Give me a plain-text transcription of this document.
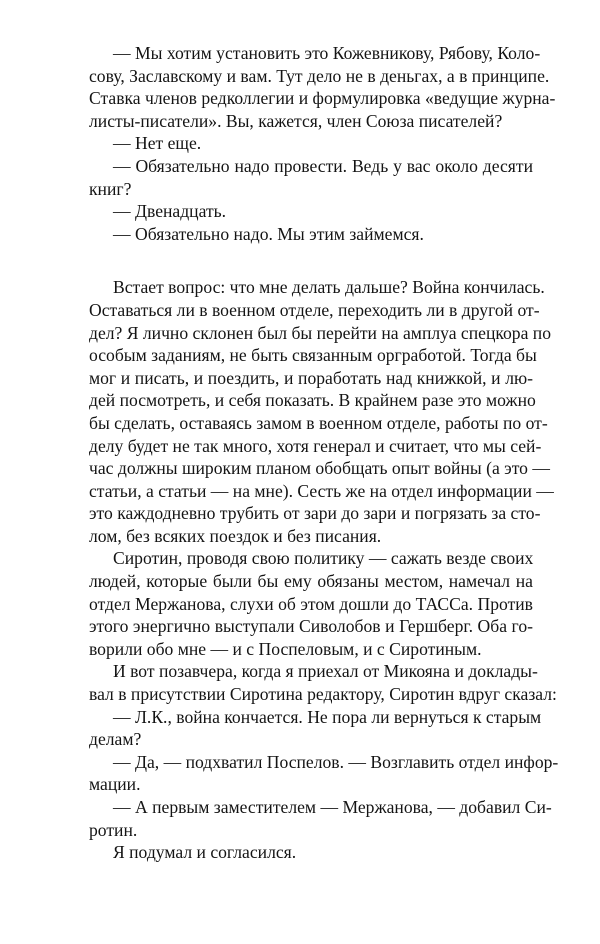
— Мы хотим установить это Кожевникову, Рябову, Коло-
сову, Заславскому и вам. Тут дело не в деньгах, а в принципе.
Ставка членов редколлегии и формулировка «ведущие журна-
листы-писатели». Вы, кажется, член Союза писателей?
— Нет еще.
— Обязательно надо провести. Ведь у вас около десяти
книг?
— Двенадцать.
— Обязательно надо. Мы этим займемся.
Встает вопрос: что мне делать дальше? Война кончилась.
Оставаться ли в военном отделе, переходить ли в другой от-
дел? Я лично склонен был бы перейти на амплуа спецкора по
особым заданиям, не быть связанным оргработой. Тогда бы
мог и писать, и поездить, и поработать над книжкой, и лю-
дей посмотреть, и себя показать. В крайнем разе это можно
бы сделать, оставаясь замом в военном отделе, работы по от-
делу будет не так много, хотя генерал и считает, что мы сей-
час должны широким планом обобщать опыт войны (а это —
статьи, а статьи — на мне). Сесть же на отдел информации —
это каждодневно трубить от зари до зари и погрязать за сто-
лом, без всяких поездок и без писания.
Сиротин, проводя свою политику — сажать везде своих
людей, которые были бы ему обязаны местом, намечал на
отдел Мержанова, слухи об этом дошли до ТАССа. Против
этого энергично выступали Сиволобов и Гершберг. Оба го-
ворили обо мне — и с Поспеловым, и с Сиротиным.
И вот позавчера, когда я приехал от Микояна и доклады-
вал в присутствии Сиротина редактору, Сиротин вдруг сказал:
— Л.К., война кончается. Не пора ли вернуться к старым
делам?
— Да, — подхватил Поспелов. — Возглавить отдел инфор-
мации.
— А первым заместителем — Мержанова, — добавил Си-
ротин.
Я подумал и согласился.
